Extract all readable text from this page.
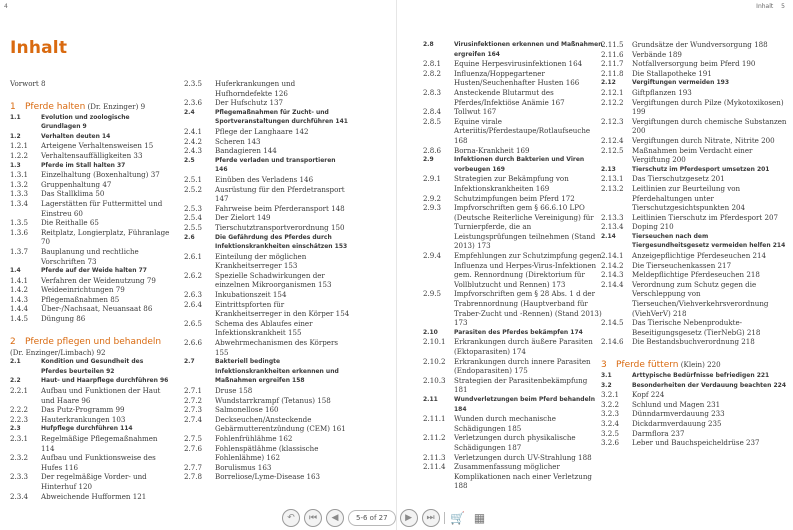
4
Inhalt
Vorwort 8
1	Pferde halten (Dr. Enzinger) 9
1.1	Evolution und zoologische Grundlagen 9
1.2	Verhalten deuten 14
1.2.1	Arteigene Verhaltensweisen 15
1.2.2	Verhaltensauffälligkeiten 33
1.3	Pferde im Stall halten 37
1.3.1	Einzelhaltung (Boxenhaltung) 37
1.3.2	Gruppenhaltung 47
1.3.3	Das Stallklima 50
1.3.4	Lagerstätten für Futtermittel und Einstreu 60
1.3.5	Die Reithalle 65
1.3.6	Reitplatz, Longierplatz, Führanlage 70
1.3.7	Bauplanung und rechtliche Vorschriften 73
1.4	Pferde auf der Weide halten 77
1.4.1	Verfahren der Weidenutzung 79
1.4.2	Weideeinrichtungen 79
1.4.3	Pflegemaßnahmen 85
1.4.4	Über-/Nachsaat, Neuansaat 86
1.4.5	Düngung 86
2	Pferde pflegen und behandeln
(Dr. Enzinger/Limbach) 92
2.1	Kondition und Gesundheit des Pferdes beurteilen 92
2.2	Haut- und Haarpflege durchführen 96
2.2.1	Aufbau und Funktionen der Haut und Haare 96
2.2.2	Das Putz-Programm 99
2.2.3	Hauterkrankungen 103
2.3	Hufpflege durchführen 114
2.3.1	Regelmäßige Pflegemaßnahmen 114
2.3.2	Aufbau und Funktionsweise des Hufes 116
2.3.3	Der regelmäßige Vorder- und Hinterhuf 120
2.3.4	Abweichende Hufformen 121
2.3.5	Huferkrankungen und Hufhorndefekte 126
2.3.6	Der Hufschutz 137
2.4	Pflegemaßnahmen für Zucht- und Sportveranstaltungen durchführen 141
2.4.1	Pflege der Langhaare 142
2.4.2	Scheren 143
2.4.3	Bandagieren 144
2.5	Pferde verladen und transportieren 146
2.5.1	Einüben des Verladens 146
2.5.2	Ausrüstung für den Pferdetransport 147
2.5.3	Fahrweise beim Pferderansport 148
2.5.4	Der Zielort 149
2.5.5	Tierschutztransportverordnung 150
2.6	Die Gefährdung des Pferdes durch Infektionskrankheiten einschätzen 153
2.6.1	Einteilung der möglichen Krankheitserreger 153
2.6.2	Spezielle Schadwirkungen der einzelnen Mikroorganismen 153
2.6.3	Inkubationszeit 154
2.6.4	Eintrittspforten für Krankheitserreger in den Körper 154
2.6.5	Schema des Ablaufes einer Infektionskrankheit 155
2.6.6	Abwehrmechanismen des Körpers 155
2.7	Bakteriell bedingte Infektionskrankheiten erkennen und Maßnahmen ergreifen 158
2.7.1	Druse 158
2.7.2	Wundstarrkrampf (Tetanus) 158
2.7.3	Salmonellose 160
2.7.4	Deckseuchen/Ansteckende Gebärmutterentzündung (CEM) 161
2.7.5	Fohlenfrühlähme 162
2.7.6	Fohlenspätlähme (klassische Fohlenlähme) 162
2.7.7	Borulismus 163
2.7.8	Borreliose/Lyme-Disease 163
Inhalt 5
2.8	Virusinfektionen erkennen und Maßnahmen ergreifen 164
2.8.1	Equine Herpesvirusinfektionen 164
2.8.2	Influenza/Hoppegartener Husten/Seuchenhafter Husten 166
2.8.3	Ansteckende Blutarmut des Pferdes/Infektiöse Anämie 167
2.8.4	Tollwut 167
2.8.5	Equine virale Arteriitis/Pferdestaupe/Rotlaufseuche 168
2.8.6	Borna-Krankheit 169
2.9	Infektionen durch Bakterien und Viren vorbeugen 169
2.9.1	Strategien zur Bekämpfung von Infektionskrankheiten 169
2.9.2	Schutzimpfungen beim Pferd 172
2.9.3	Impfvorschriften gem § 66.6.10 LPO (Deutsche Reiterliche Vereinigung) für Turnierpferde, die an Leistungsprüfungen teilnehmen (Stand 2013) 173
2.9.4	Empfehlungen zur Schutzimpfung gegen Influenza und Herpes-Virus-Infektionen gem. Rennordnung (Direktorium für Vollblutzucht und Rennen) 173
2.9.5	Impfvorschriften gem § 28 Abs. 1 d der Trabrennordnung (Hauptverband für Traber-Zucht und -Rennen) (Stand 2013) 173
2.10	Parasiten des Pferdes bekämpfen 174
2.10.1	Erkrankungen durch äußere Parasiten (Ektoparasiten) 174
2.10.2	Erkrankungen durch innere Parasiten (Endoparasiten) 175
2.10.3	Strategien der Parasitenbekämpfung 181
2.11	Wundverletzungen beim Pferd behandeln 184
2.11.1	Wunden durch mechanische Schädigungen 185
2.11.2	Verletzungen durch physikalische Schädigungen 187
2.11.3	Verletzungen durch UV-Strahlung 188
2.11.4	Zusammenfassung möglicher Komplikationen nach einer Verletzung 188
2.11.5	Grundsätze der Wundversorgung 188
2.11.6	Verbände 189
2.11.7	Notfallversorgung beim Pferd 190
2.11.8	Die Stallapotheke 191
2.12	Vergiftungen vermeiden 193
2.12.1	Giftpflanzen 193
2.12.2	Vergiftungen durch Pilze (Mykotoxikosen) 199
2.12.3	Vergiftungen durch chemische Substanzen 200
2.12.4	Vergiftungen durch Nitrate, Nitrite 200
2.12.5	Maßnahmen beim Verdacht einer Vergiftung 200
2.13	Tierschutz im Pferdesport umsetzen 201
2.13.1	Das Tierschutzgesetz 201
2.13.2	Leitlinien zur Beurteilung von Pferdehaltungen unter Tierschutzgesichtspunkten 204
2.13.3	Leitlinien Tierschutz im Pferdesport 207
2.13.4	Doping 210
2.14	Tierseuchen nach dem Tiergesundheitsgesetz vermeiden helfen 214
2.14.1	Anzeigepflichtige Pferdeseuchen 214
2.14.2	Die Tierseuchenkassen 217
2.14.3	Meldepflichtige Pferdeseuchen 218
2.14.4	Verordnung zum Schutz gegen die Verschleppung von Tierseuchen/Viehverkehrsverordnung (ViehVerV) 218
2.14.5	Das Tierische Nebenprodukte-Beseitigungsgesetz (TierNebG) 218
2.14.6	Die Bestandsbuchverordnung 218
3	Pferde füttern (Klein) 220
3.1	Arttypische Bedürfnisse befriedigen 221
3.2	Besonderheiten der Verdauung beachten 224
3.2.1	Kopf 224
3.2.2	Schlund und Magen 231
3.2.3	Dünndarmverdauung 233
3.2.4	Dickdarmverdauung 235
3.2.5	Darmflora 237
3.2.6	Leber und Bauchspeicheldrüse 237
↶	⏮	◀	5-6 of 27	▶	⏭	🛒 ▦
